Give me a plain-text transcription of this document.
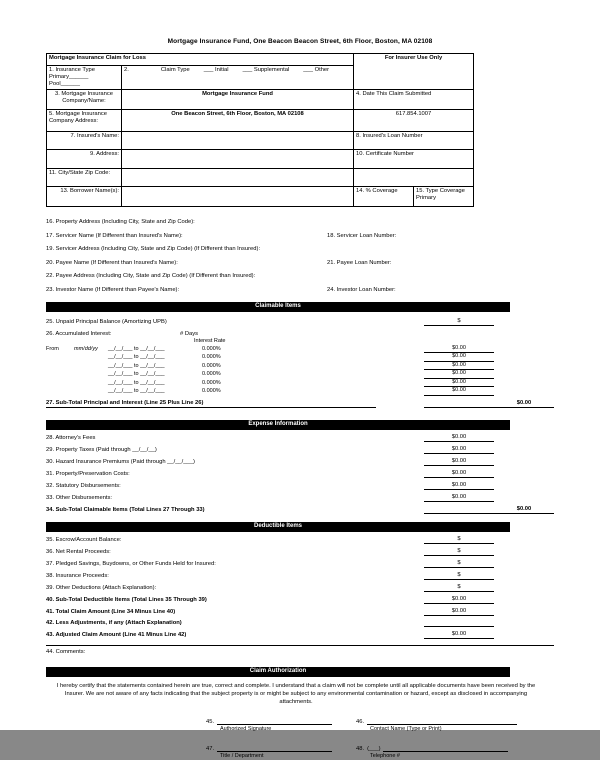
Mortgage Insurance Fund, One Beacon Beacon Street, 6th Floor, Boston, MA 02108
Mortgage Insurance Claim for Loss		For Insurer Use Only	

1. Insurance Type
Primary______
Pool______

2.	Claim Type ___ Initial ___ Supplemental ___ Other

3. Mortgage Insurance Company/Name:	Mortgage Insurance Fund	4. Date This Claim Submitted	
5. Mortgage Insurance Company Address:	One Beacon Street, 6th Floor, Boston, MA 02108	617.854.1007	
7. Insured's Name:		8. Insured's Loan Number	
9. Address:		10. Certificate Number	
11. City/State Zip Code:			
13. Borrower Name(s):		14. % Coverage	15. Type Coverage
Primary
16. Property Address (Including City, State and Zip Code):
17. Servicer Name (If Different than Insured's Name):	18. Servicer Loan Number:
19. Servicer Address (Including City, State and Zip Code) (If Different than Insured):
20. Payee Name (If Different than Insured's Name):	21. Payee Loan Number:
22. Payee Address (Including City, State and Zip Code) (If Different than Insured):
23. Investor Name (If Different than Payee's Name):	24. Investor Loan Number:
Claimable Items
25. Unpaid Principal Balance (Amortizing UPB)	$
26. Accumulated Interest:	# Days
Interest Rate
From	mm/dd/yy	__/__/___ to __/__/___	0.000%	$0.00
__/__/___ to __/__/___	0.000%	$0.00
__/__/___ to __/__/___	0.000%	$0.00
__/__/___ to __/__/___	0.000%	$0.00
__/__/___ to __/__/___	0.000%	$0.00
__/__/___ to __/__/___	0.000%	$0.00
27. Sub-Total Principal and Interest (Line 25 Plus Line 26)	$0.00
Expense Information
28. Attorney's Fees	$0.00
29. Property Taxes (Paid through __/__/__)	$0.00
30. Hazard Insurance Premiums (Paid through __/__/___)	$0.00
31. Property/Preservation Costs:	$0.00
32. Statutory Disbursements:	$0.00
33. Other Disbursements:	$0.00
34. Sub-Total Claimable Items (Total Lines 27 Through 33)	$0.00
Deductible Items
35. Escrow/Account Balance:	$
36. Net Rental Proceeds:	$
37. Pledged Savings, Buydowns, or Other Funds Held for Insured:	$
38. Insurance Proceeds:	$
39. Other Deductions (Attach Explanation):	$
40. Sub-Total Deductible Items (Total Lines 35 Through 39)	$0.00
41. Total Claim Amount (Line 34 Minus Line 40)	$0.00
42. Less Adjustments, if any (Attach Explanation)
43. Adjusted Claim Amount (Line 41 Minus Line 42)	$0.00
44. Comments:
Claim Authorization
I hereby certify that the statements contained herein are true, correct and complete. I understand that a claim will not be complete until all applicable documents have been received by the Insurer. We are not aware of any facts indicating that the subject property is or might be subject to any environmental contamination or hazard, except as disclosed in accompanying attachments.
45.	46.
Authorized Signature	Contact Name (Type or Print)
47.	48. (___)
Title / Department	Telephone #
